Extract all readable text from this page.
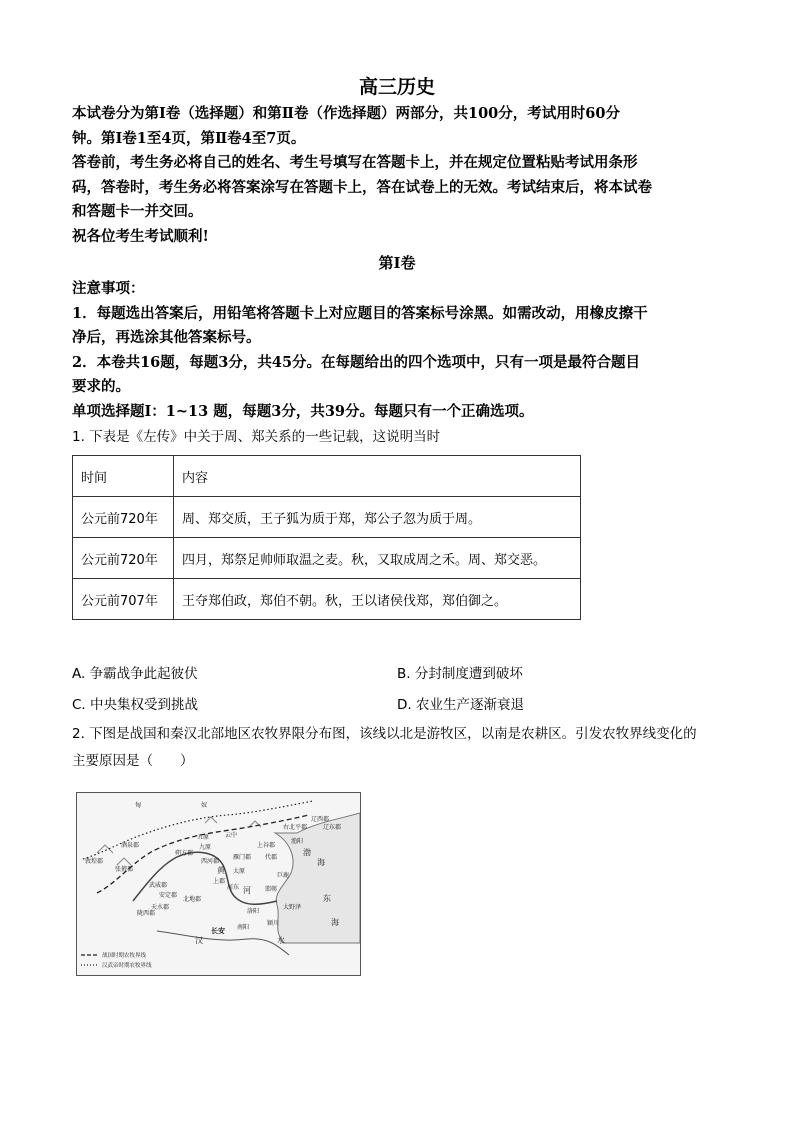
高三历史
本试卷分为第Ⅰ卷（选择题）和第Ⅱ卷（作选择题）两部分，共100分，考试用时60分
钟。第Ⅰ卷1至4页，第Ⅱ卷4至7页。
答卷前，考生务必将自己的姓名、考生号填写在答题卡上，并在规定位置粘贴考试用条形
码，答卷时，考生务必将答案涂写在答题卡上，答在试卷上的无效。考试结束后，将本试卷
和答题卡一并交回。
祝各位考生考试顺利!
第Ⅰ卷
注意事项：
1．每题选出答案后，用铅笔将答题卡上对应题目的答案标号涂黑。如需改动，用橡皮擦干
净后，再选涂其他答案标号。
2．本卷共16题，每题3分，共45分。在每题给出的四个选项中，只有一项是最符合题目
要求的。
单项选择题Ⅰ：1~13 题，每题3分，共39分。每题只有一个正确选项。
1. 下表是《左传》中关于周、郑关系的一些记载，这说明当时
时间	内容
公元前720年	周、郑交质，王子狐为质于郑，郑公子忽为质于周。
公元前720年	四月，郑祭足帅师取温之麦。秋，又取成周之禾。周、郑交恶。
公元前707年	王夺郑伯政，郑伯不朝。秋，王以诸侯伐郑，郑伯御之。
A. 争霸战争此起彼伏	B. 分封制度遭到破坏
C. 中央集权受到挑战	D. 农业生产逐渐衰退
2. 下图是战国和秦汉北部地区农牧界限分布图，该线以北是游牧区，以南是农耕区。引发农牧界线变化的
主要原因是（　　）
匈	奴
右北平郡	辽东郡
辽西郡
上谷郡
渔阳
代郡
雁门郡
云中
五原
九原
朔方郡
西河郡
北地郡
陇西郡
天水郡
安定郡
上郡
武威郡
张掖郡
酒泉郡
敦煌郡
河东
太原
邯郸
洛阳
长安
颍川
南阳
巨鹿
大野泽
渤
海
东
海
黄
河
汉	水
战国时期农牧界线
汉武帝时期农牧界线
